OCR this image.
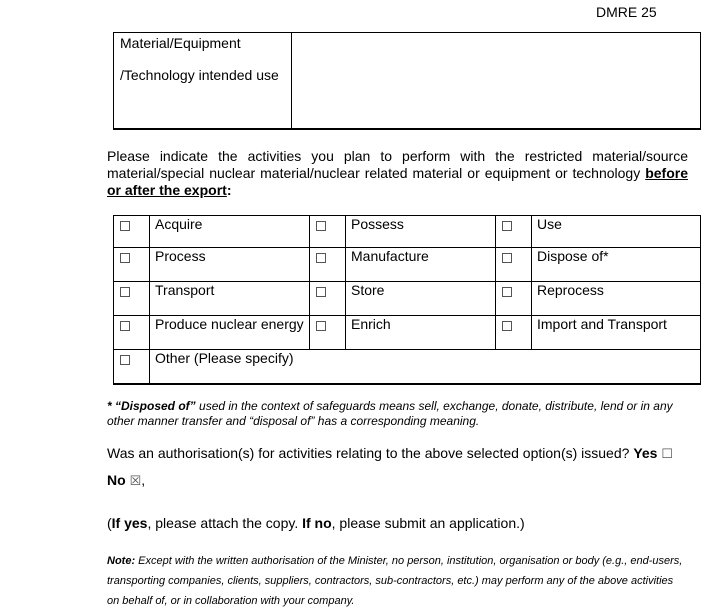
DMRE 25
Material/Equipment
/Technology intended use
Please indicate the activities you plan to perform with the restricted material/source material/special nuclear material/nuclear related material or equipment or technology before or after the export:
	Acquire		Possess		Use
	Process		Manufacture		Dispose of*
	Transport		Store		Reprocess
	Produce nuclear energy		Enrich		Import and Transport
	Other (Please specify)				
* “Disposed of” used in the context of safeguards means sell, exchange, donate, distribute, lend or in any other manner transfer and “disposal of” has a corresponding meaning.
Was an authorisation(s) for activities relating to the above selected option(s) issued? Yes ☐
No ☒,
(If yes, please attach the copy. If no, please submit an application.)
Note: Except with the written authorisation of the Minister, no person, institution, organisation or body (e.g., end-users, transporting companies, clients, suppliers, contractors, sub-contractors, etc.) may perform any of the above activities on behalf of, or in collaboration with your company.
